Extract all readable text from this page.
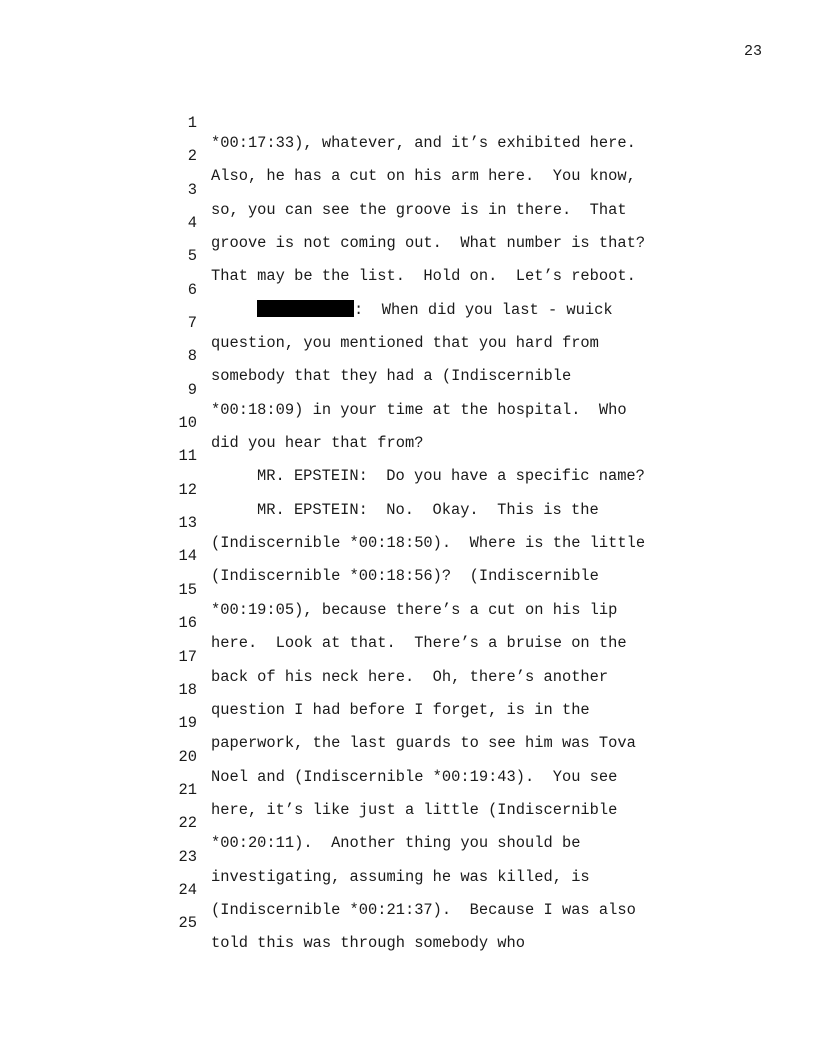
23

1

*00:17:33), whatever, and it’s exhibited here.

2

Also, he has a cut on his arm here.  You know,

3

so, you can see the groove is in there.  That

4

groove is not coming out.  What number is that?

5

That may be the list.  Hold on.  Let’s reboot.

6

:  When did you last - wuick

7

question, you mentioned that you hard from

8

somebody that they had a (Indiscernible

9

*00:18:09) in your time at the hospital.  Who

10

did you hear that from?

11

MR. EPSTEIN:  Do you have a specific name?

12

MR. EPSTEIN:  No.  Okay.  This is the

13

(Indiscernible *00:18:50).  Where is the little

14

(Indiscernible *00:18:56)?  (Indiscernible

15

*00:19:05), because there’s a cut on his lip

16

here.  Look at that.  There’s a bruise on the

17

back of his neck here.  Oh, there’s another

18

question I had before I forget, is in the

19

paperwork, the last guards to see him was Tova

20

Noel and (Indiscernible *00:19:43).  You see

21

here, it’s like just a little (Indiscernible

22

*00:20:11).  Another thing you should be

23

investigating, assuming he was killed, is

24

(Indiscernible *00:21:37).  Because I was also

25

told this was through somebody who
